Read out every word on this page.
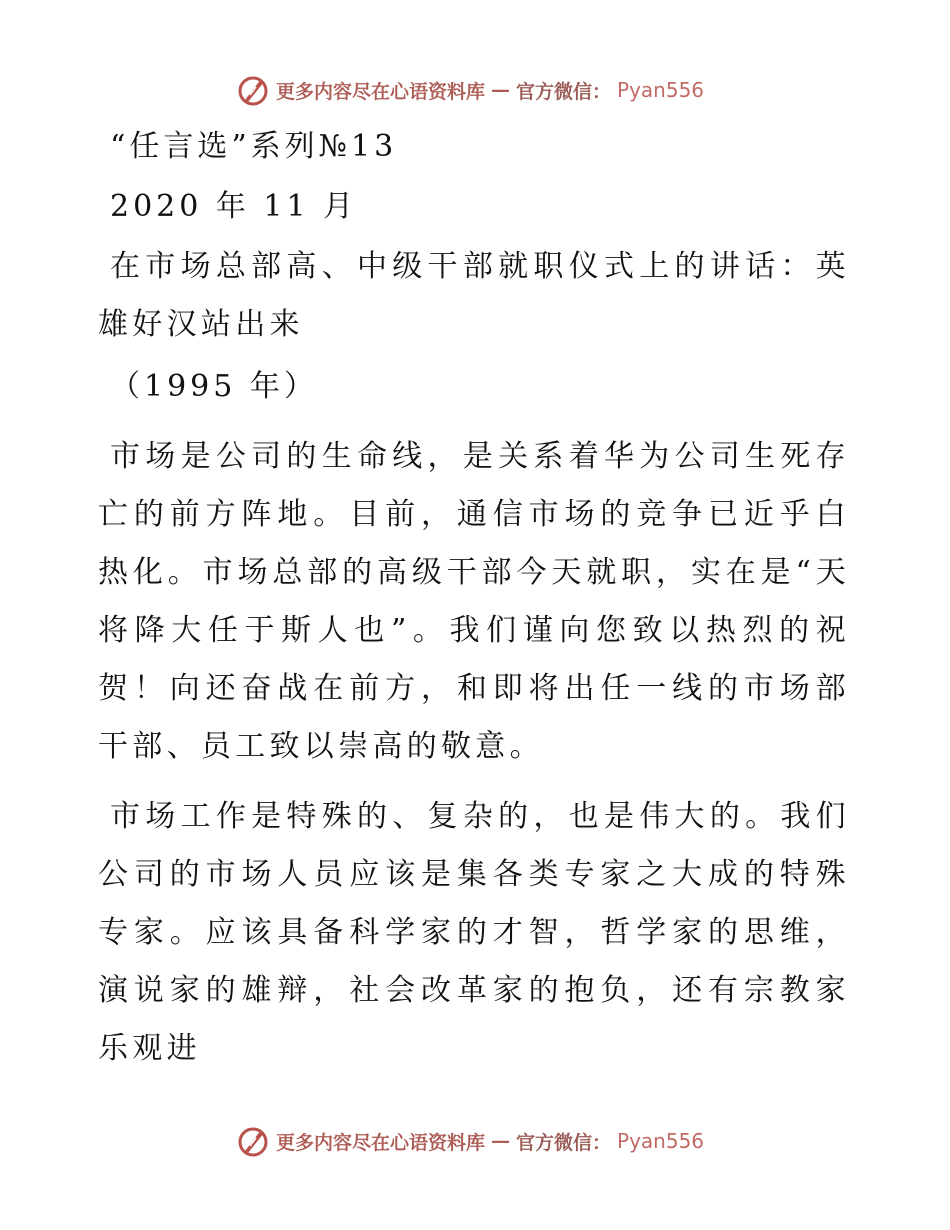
更多内容尽在心语资料库 — 官方微信： Pyan556

“任言选”系列№13

2020 年 11 月

在市场总部高、中级干部就职仪式上的讲话：英雄好汉站出来

（1995 年）

市场是公司的生命线，是关系着华为公司生死存亡的前方阵地。目前，通信市场的竞争已近乎白热化。市场总部的高级干部今天就职，实在是“天将降大任于斯人也”。我们谨向您致以热烈的祝贺！向还奋战在前方，和即将出任一线的市场部干部、员工致以崇高的敬意。

市场工作是特殊的、复杂的，也是伟大的。我们公司的市场人员应该是集各类专家之大成的特殊专家。应该具备科学家的才智，哲学家的思维，演说家的雄辩，社会改革家的抱负，还有宗教家乐观进

更多内容尽在心语资料库 — 官方微信： Pyan556
